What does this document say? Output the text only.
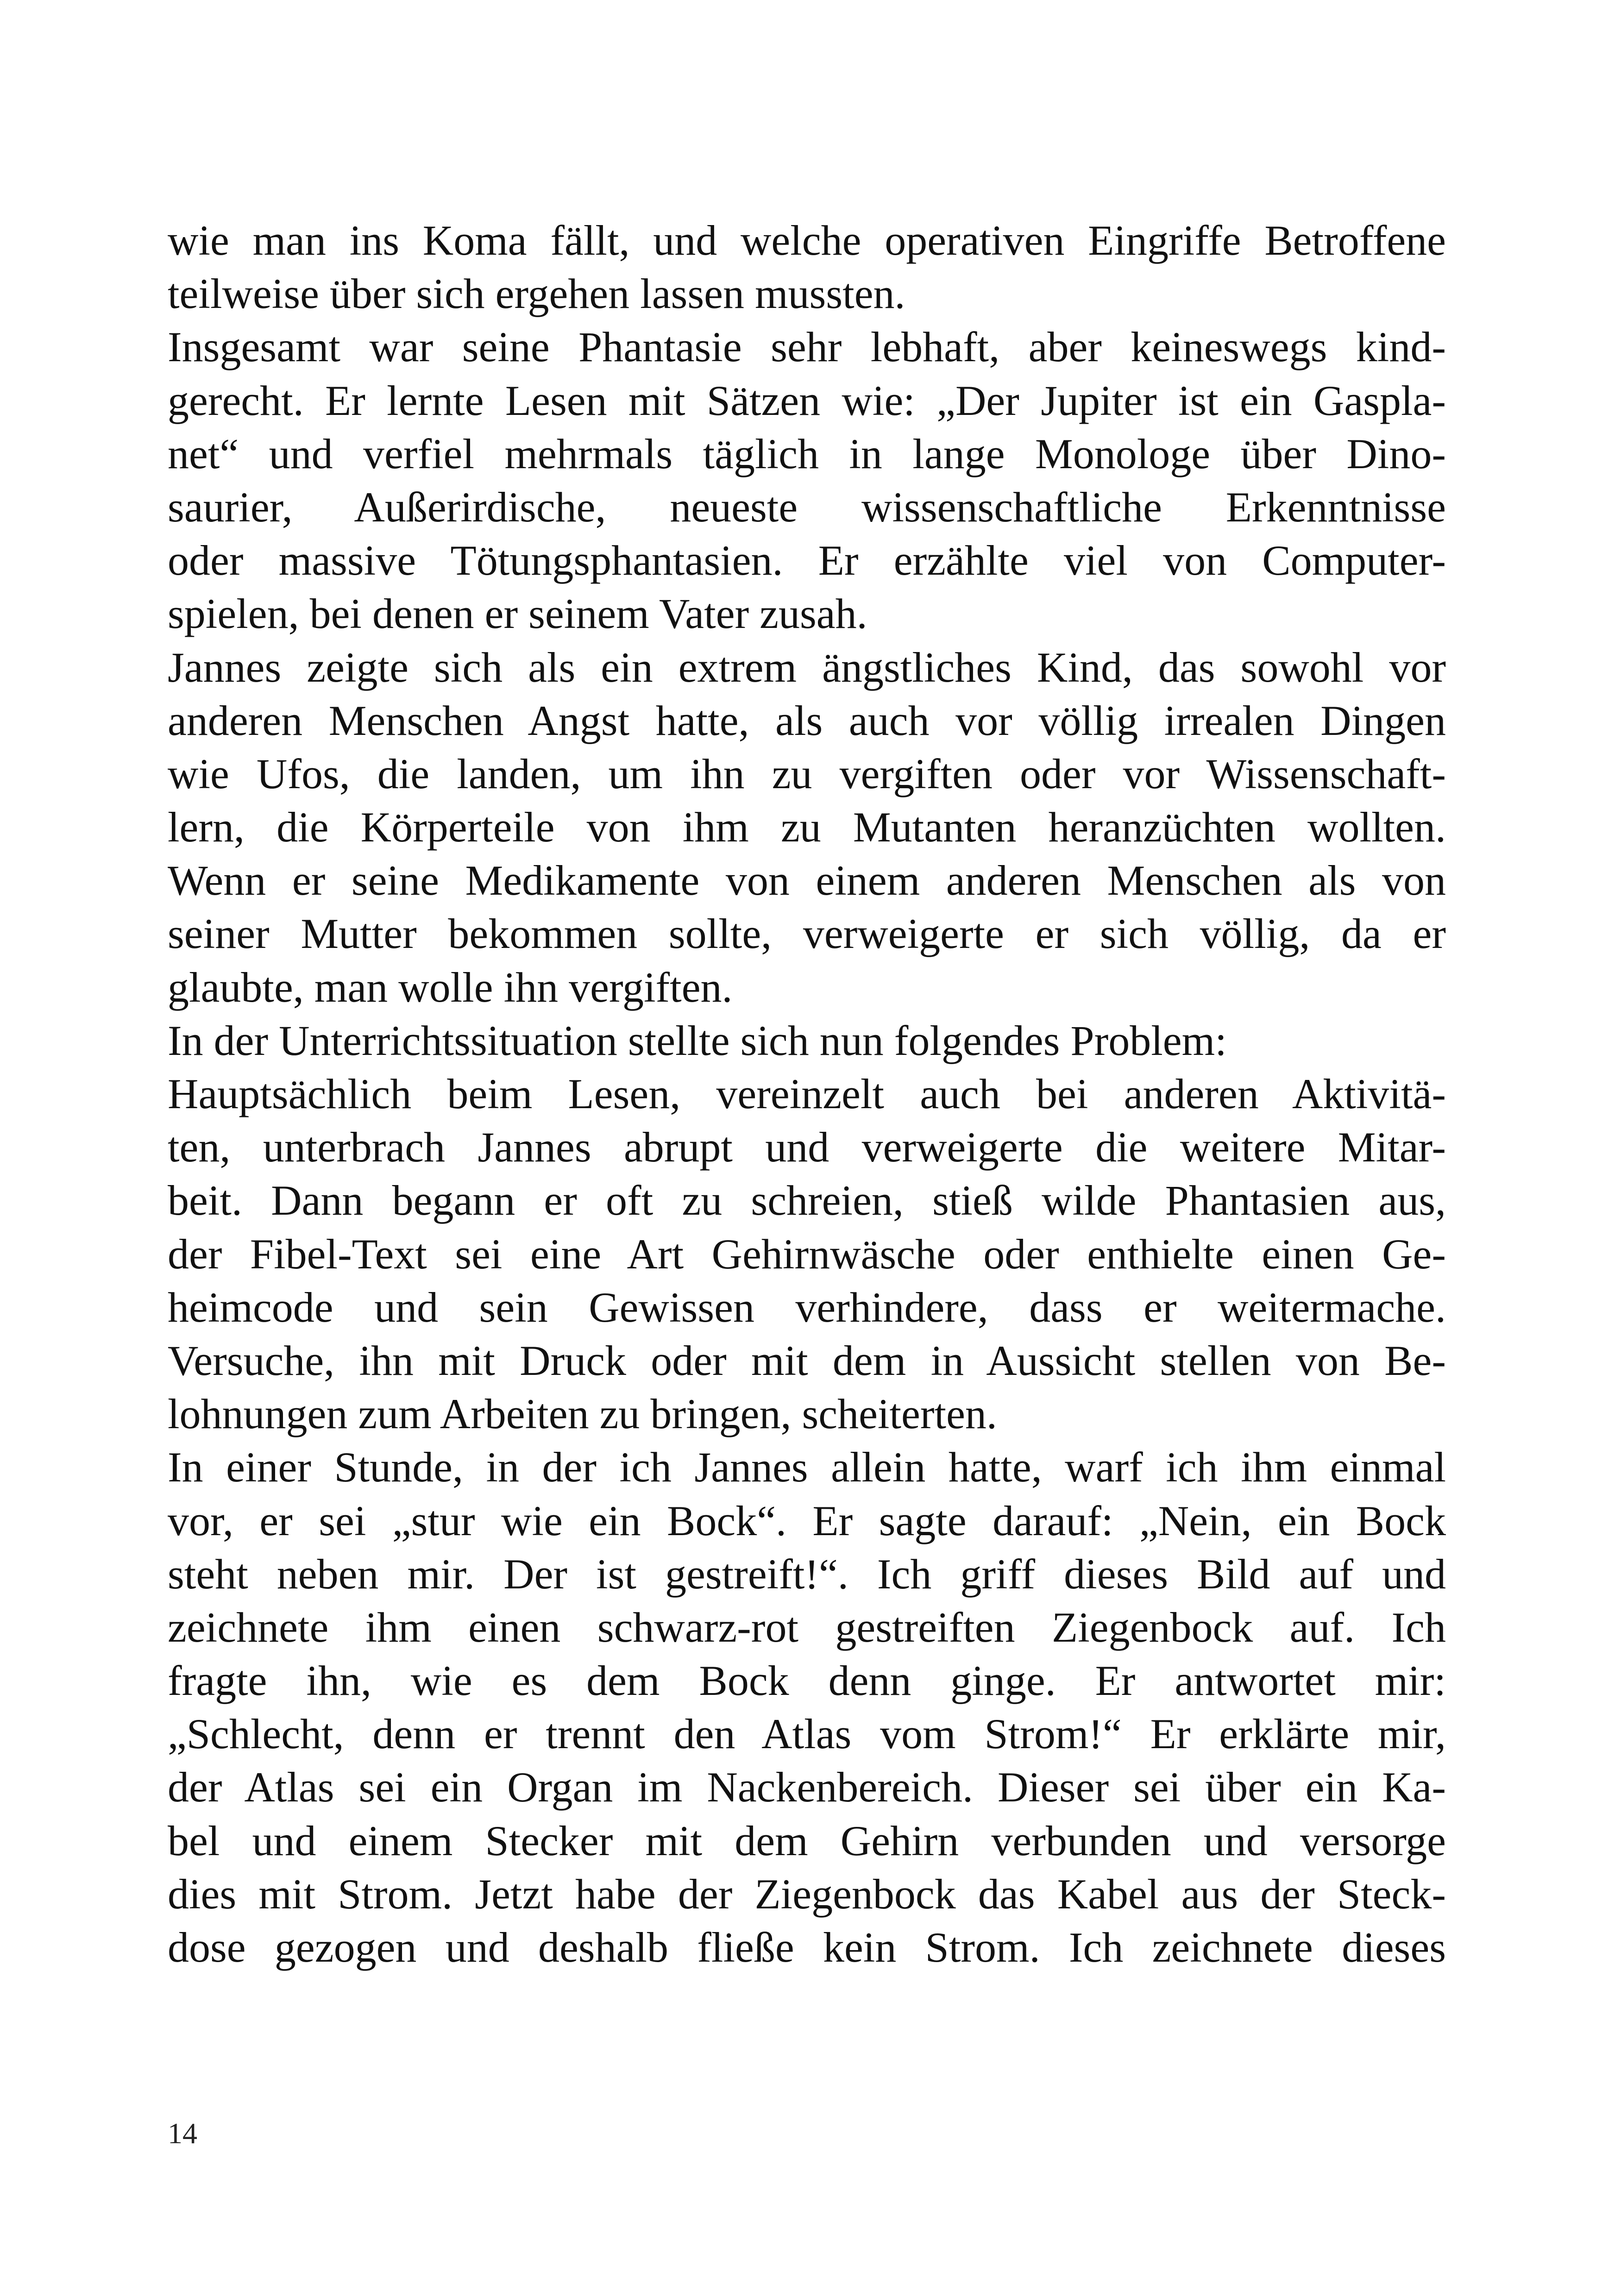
wie man ins Koma fällt, und welche operativen Eingriffe Betroffene
teilweise über sich ergehen lassen mussten.
Insgesamt war seine Phantasie sehr lebhaft, aber keineswegs kind-
gerecht. Er lernte Lesen mit Sätzen wie: „Der Jupiter ist ein Gaspla-
net“ und verfiel mehrmals täglich in lange Monologe über Dino-
saurier, Außerirdische, neueste wissenschaftliche Erkenntnisse
oder massive Tötungsphantasien. Er erzählte viel von Computer-
spielen, bei denen er seinem Vater zusah.
Jannes zeigte sich als ein extrem ängstliches Kind, das sowohl vor
anderen Menschen Angst hatte, als auch vor völlig irrealen Dingen
wie Ufos, die landen, um ihn zu vergiften oder vor Wissenschaft-
lern, die Körperteile von ihm zu Mutanten heranzüchten wollten.
Wenn er seine Medikamente von einem anderen Menschen als von
seiner Mutter bekommen sollte, verweigerte er sich völlig, da er
glaubte, man wolle ihn vergiften.
In der Unterrichtssituation stellte sich nun folgendes Problem:
Hauptsächlich beim Lesen, vereinzelt auch bei anderen Aktivitä-
ten, unterbrach Jannes abrupt und verweigerte die weitere Mitar-
beit. Dann begann er oft zu schreien, stieß wilde Phantasien aus,
der Fibel-Text sei eine Art Gehirnwäsche oder enthielte einen Ge-
heimcode und sein Gewissen verhindere, dass er weitermache.
Versuche, ihn mit Druck oder mit dem in Aussicht stellen von Be-
lohnungen zum Arbeiten zu bringen, scheiterten.
In einer Stunde, in der ich Jannes allein hatte, warf ich ihm einmal
vor, er sei „stur wie ein Bock“. Er sagte darauf: „Nein, ein Bock
steht neben mir. Der ist gestreift!“. Ich griff dieses Bild auf und
zeichnete ihm einen schwarz-rot gestreiften Ziegenbock auf. Ich
fragte ihn, wie es dem Bock denn ginge. Er antwortet mir:
„Schlecht, denn er trennt den Atlas vom Strom!“ Er erklärte mir,
der Atlas sei ein Organ im Nackenbereich. Dieser sei über ein Ka-
bel und einem Stecker mit dem Gehirn verbunden und versorge
dies mit Strom. Jetzt habe der Ziegenbock das Kabel aus der Steck-
dose gezogen und deshalb fließe kein Strom. Ich zeichnete dieses
14
